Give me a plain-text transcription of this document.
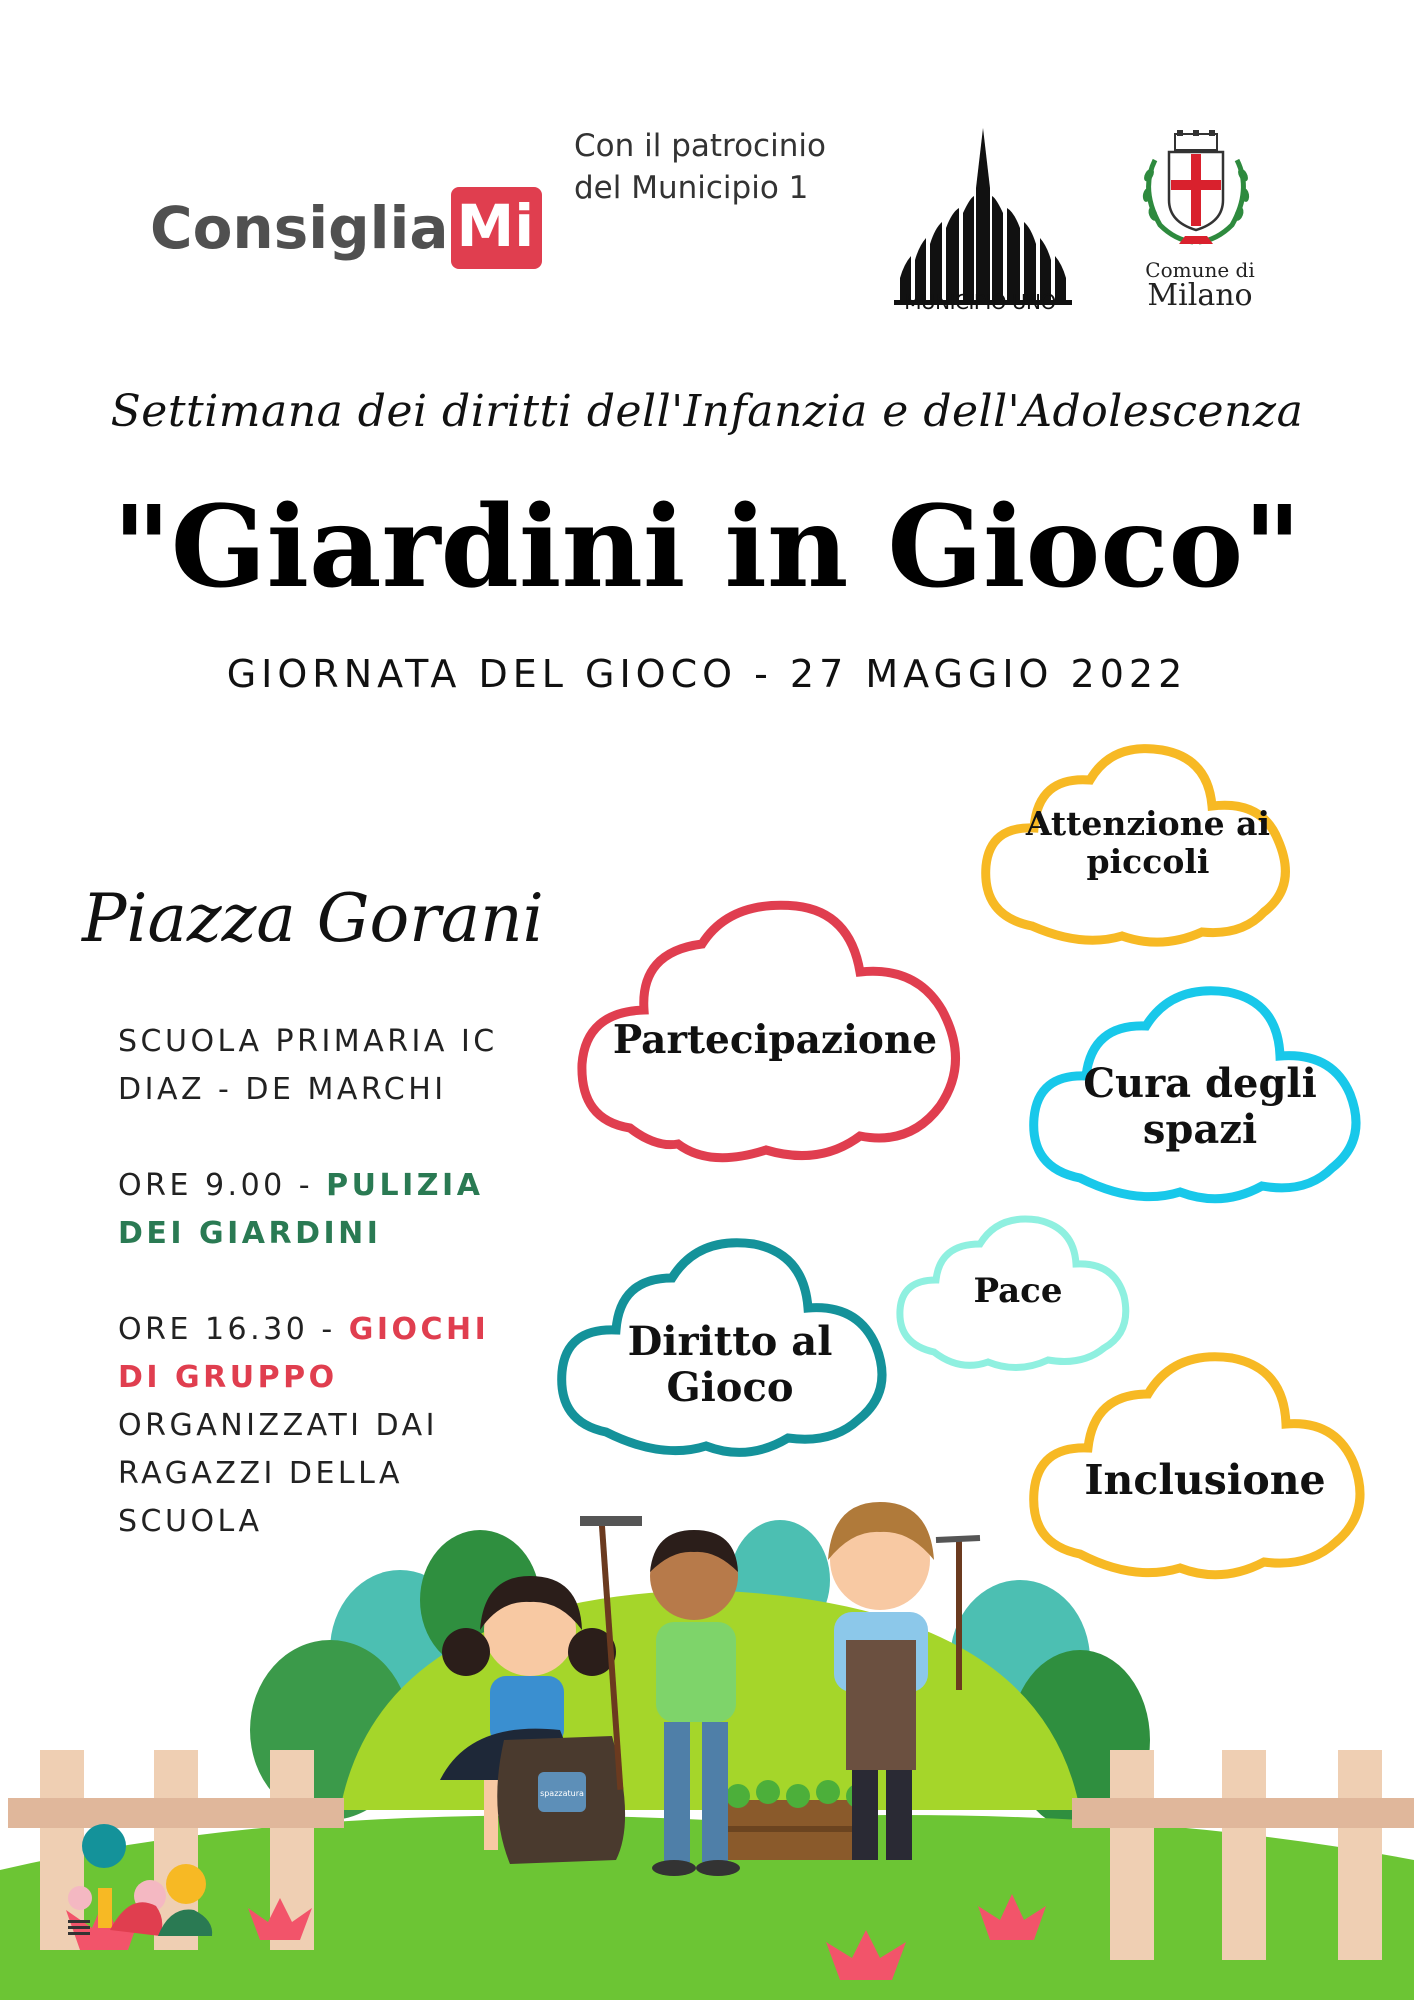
Consiglia Mi
Con il patrocinio
del Municipio 1
MUNICIPIO UNO
Comune di
Milano
Settimana dei diritti dell'Infanzia e dell'Adolescenza
"Giardini in Gioco"
GIORNATA DEL GIOCO - 27 MAGGIO 2022
Piazza Gorani
SCUOLA PRIMARIA IC
DIAZ - DE MARCHI
ORE 9.00 - PULIZIA
DEI GIARDINI
ORE 16.30 - GIOCHI
DI GRUPPO
ORGANIZZATI DAI
RAGAZZI DELLA
SCUOLA
Attenzione ai
piccoli
Partecipazione
Cura degli
spazi
Pace
Diritto al
Gioco
Inclusione
spazzatura
